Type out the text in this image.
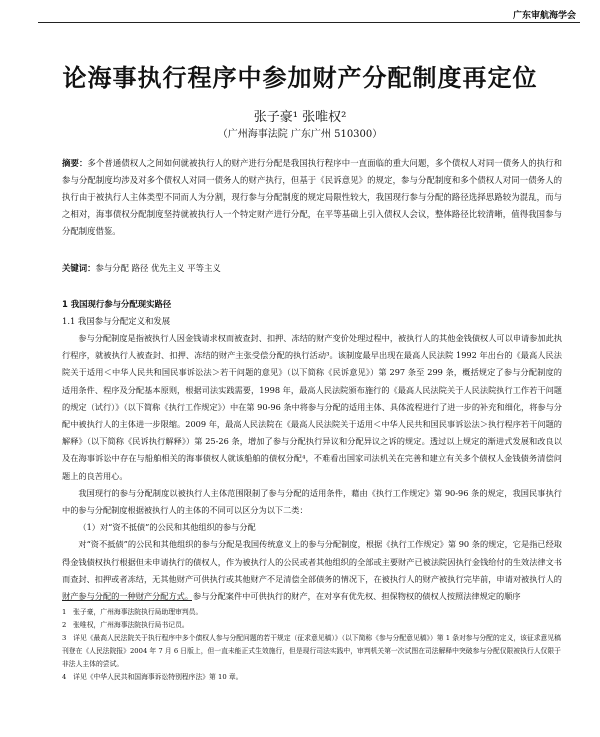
广东审航海学会
论海事执行程序中参加财产分配制度再定位
张子豪¹ 张唯权²
（广州海事法院 广东广州 510300）
摘要：多个普通债权人之间如何就被执行人的财产进行分配是我国执行程序中一直面临的重大问题，多个债权人对同一债务人的执行和参与分配制度均涉及对多个债权人对同一债务人的财产执行，但基于《民诉意见》的规定，参与分配制度和多个债权人对同一债务人的执行由于被执行人主体类型不同而人为分割，现行参与分配制度的规定局限性较大，我国现行参与分配的路径选择思路较为混乱，而与之相对，海事债权分配制度坚持就被执行人一个特定财产进行分配，在平等基础上引入债权人会议，整体路径比较清晰，值得我国参与分配制度借鉴。
关键词：参与分配 路径 优先主义 平等主义
1 我国现行参与分配现实路径
1.1 我国参与分配定义和发展

参与分配制度是指被执行人因金钱请求权而被查封、扣押、冻结的财产变价处理过程中，被执行人的其他金钱债权人可以申请参加此执行程序，就被执行人被查封、扣押、冻结的财产主张受偿分配的执行活动³。该制度最早出现在最高人民法院 1992 年出台的《最高人民法院关于适用＜中华人民共和国民事诉讼法＞若干问题的意见》（以下简称《民诉意见》）第 297 条至 299 条，概括规定了参与分配制度的适用条件、程序及分配基本原则，根据司法实践需要，1998 年，最高人民法院颁布施行的《最高人民法院关于人民法院执行工作若干问题的规定（试行）》（以下简称《执行工作规定》）中在第 90-96 条中将参与分配的适用主体、具体流程进行了进一步的补充和细化，将参与分配中被执行人的主体进一步限缩。2009 年，最高人民法院在《最高人民法院关于适用＜中华人民共和国民事诉讼法＞执行程序若干问题的解释》（以下简称《民诉执行解释》）第 25-26 条，增加了参与分配执行异议和分配异议之诉的规定。透过以上规定的渐进式发展和改良以及在海事诉讼中存在与船舶相关的海事债权人就该船舶的债权分配⁴，不难看出国家司法机关在完善和建立有关多个债权人金钱债务清偿问题上的良苦用心。

我国现行的参与分配制度以被执行人主体范围限制了参与分配的适用条件，藉由《执行工作规定》第 90-96 条的规定，我国民事执行中的参与分配制度根据被执行人的主体的不同可以区分为以下二类：

（1）对“资不抵债”的公民和其他组织的参与分配

对“资不抵债”的公民和其他组织的参与分配是我国传统意义上的参与分配制度，根据《执行工作规定》第 90 条的规定，它是指已经取得金钱债权执行根据但未申请执行的债权人，作为被执行人的公民或者其他组织的全部或主要财产已被法院因执行金钱给付的生效法律文书而查封、扣押或者冻结，无其他财产可供执行或其他财产不足清偿全部债务的情况下，在被执行人的财产被执行完毕前，申请对被执行人的财产参与分配的一种财产分配方式。参与分配案件中可供执行的财产，在对享有优先权、担保物权的债权人按照法律规定的顺序

1　张子豪，广州海事法院执行局助理审判员。
2　张唯权，广州海事法院执行局书记员。
3　详见《最高人民法院关于执行程序中多个债权人参与分配问题的若干规定（征求意见稿）》（以下简称《参与分配意见稿》）第 1 条对参与分配的定义，该征求意见稿刊登在《人民法院报》2004 年 7 月 6 日版上，但一直未能正式生效施行，但是现行司法实践中，审判机关第一次试图在司法解释中突破参与分配仅限被执行人仅限于非法人主体的尝试。
4　详见《中华人民共和国海事诉讼特别程序法》第 10 章。
